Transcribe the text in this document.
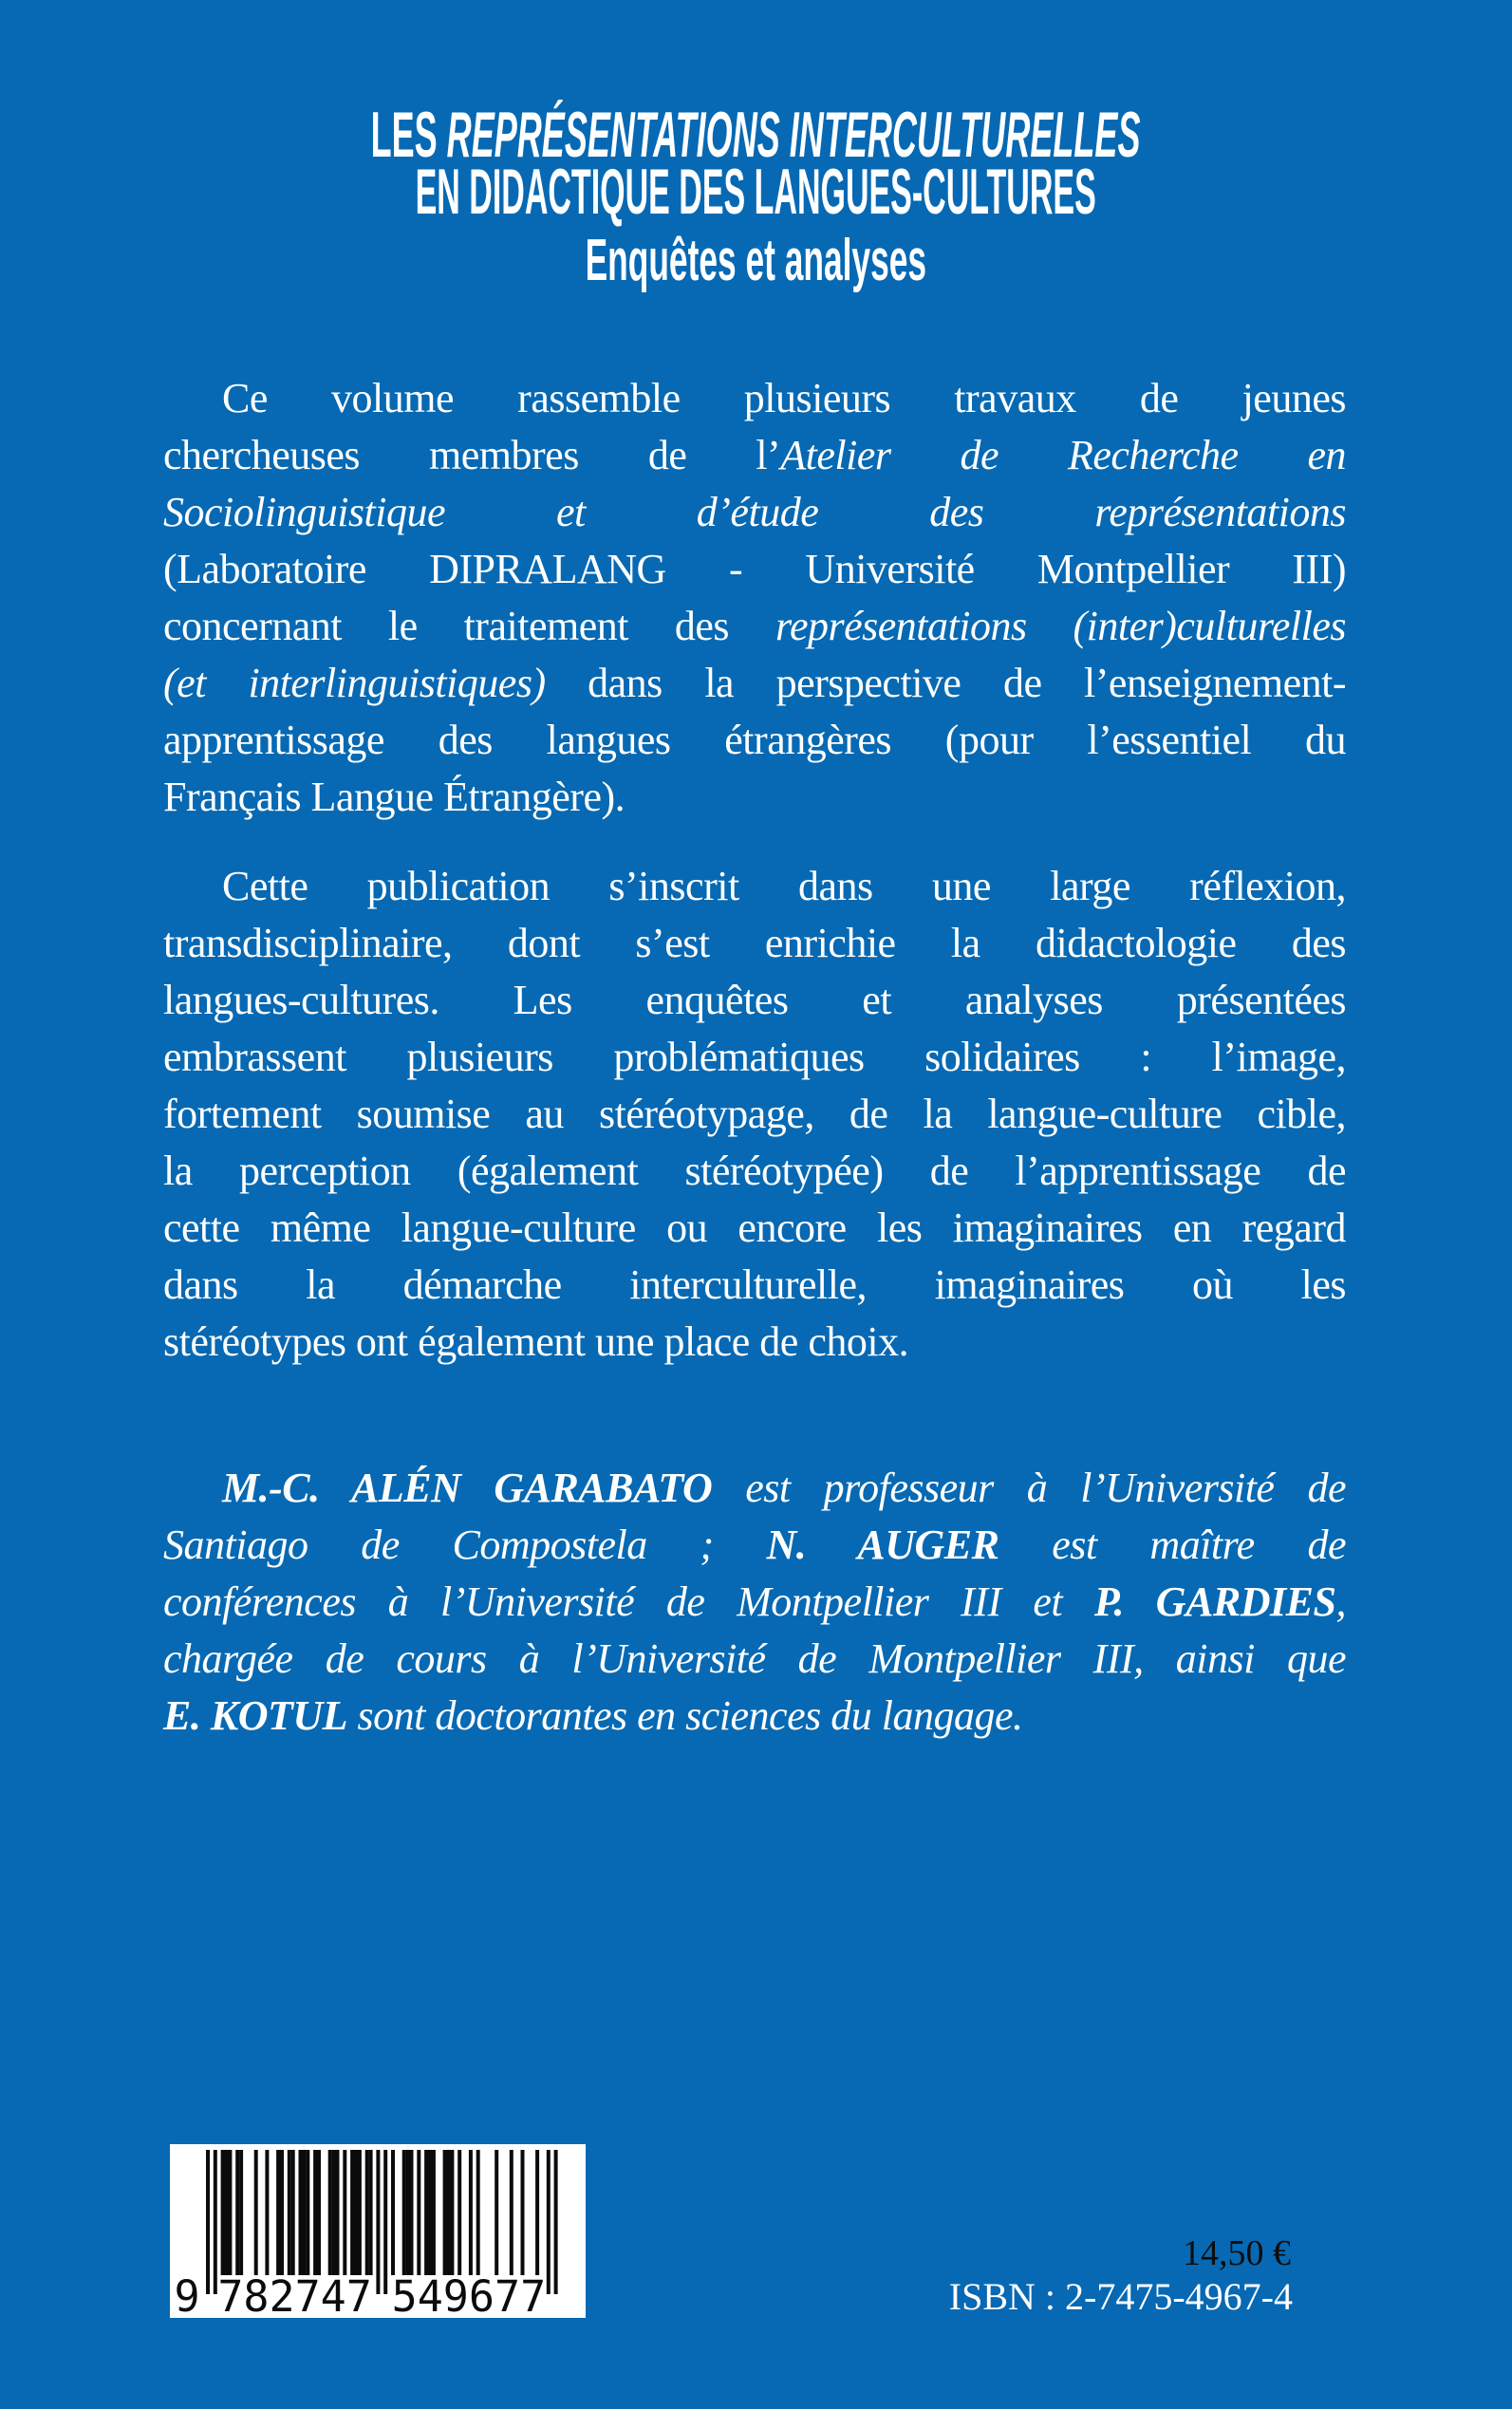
LES REPRÉSENTATIONS INTERCULTURELLES
EN DIDACTIQUE DES LANGUES-CULTURES
Enquêtes et analyses
Ce volume rassemble plusieurs travaux de jeunes
chercheuses membres de l’Atelier de Recherche en
Sociolinguistique et d’étude des représentations
(Laboratoire DIPRALANG - Université Montpellier III)
concernant le traitement des représentations (inter)culturelles
(et interlinguistiques) dans la perspective de l’enseignement-
apprentissage des langues étrangères (pour l’essentiel du
Français Langue Étrangère).
Cette publication s’inscrit dans une large réflexion,
transdisciplinaire, dont s’est enrichie la didactologie des
langues-cultures. Les enquêtes et analyses présentées
embrassent plusieurs problématiques solidaires : l’image,
fortement soumise au stéréotypage, de la langue-culture cible,
la perception (également stéréotypée) de l’apprentissage de
cette même langue-culture ou encore les imaginaires en regard
dans la démarche interculturelle, imaginaires où les
stéréotypes ont également une place de choix.
M.-C. ALÉN GARABATO est professeur à l’Université de
Santiago de Compostela ; N. AUGER est maître de
conférences à l’Université de Montpellier III et P. GARDIES,
chargée de cours à l’Université de Montpellier III, ainsi que
E. KOTUL sont doctorantes en sciences du langage.
9 782747 549677
14,50 €
ISBN : 2-7475-4967-4
